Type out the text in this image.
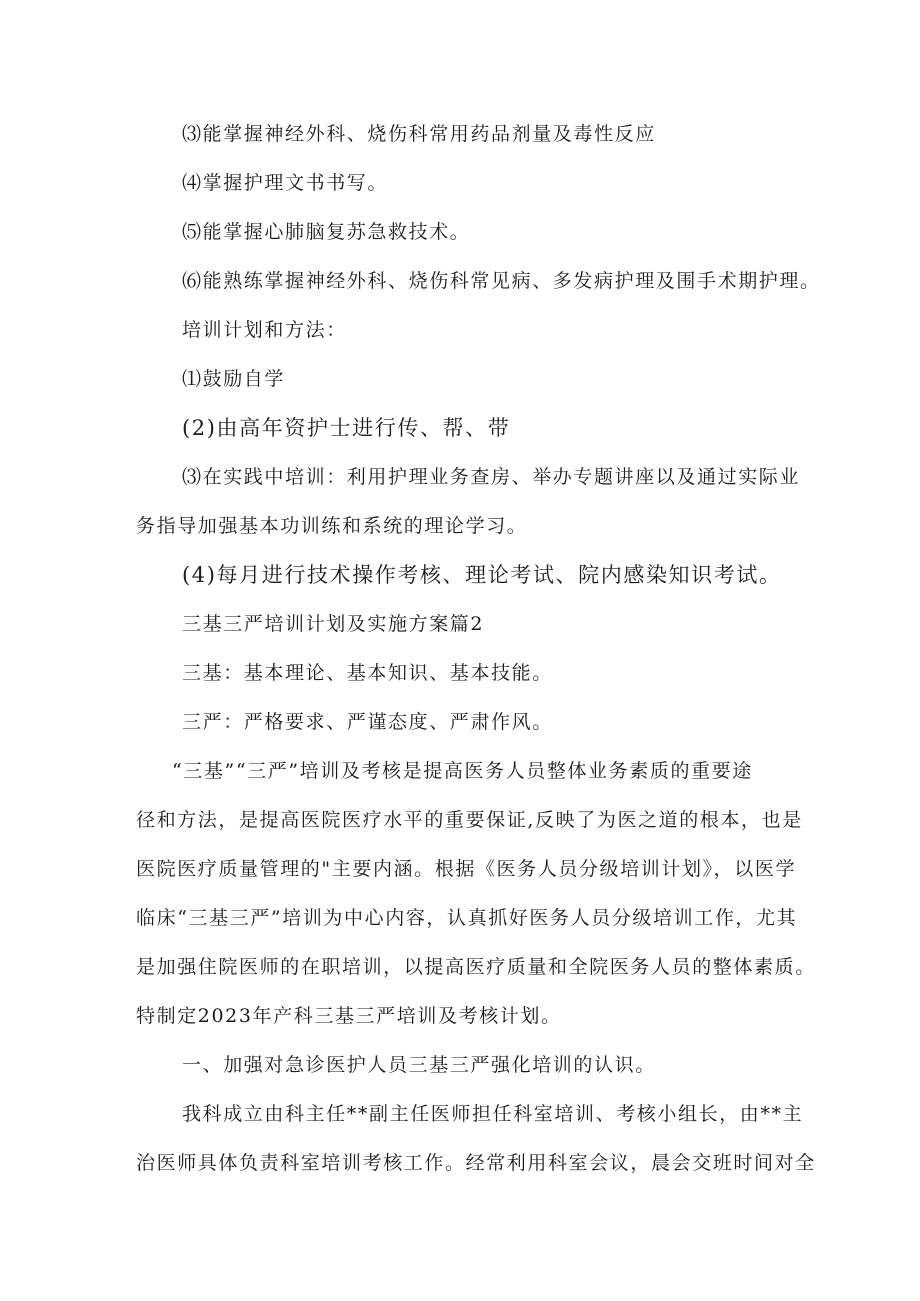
⑶能掌握神经外科、烧伤科常用药品剂量及毒性反应
⑷掌握护理文书书写。
⑸能掌握心肺脑复苏急救技术。
⑹能熟练掌握神经外科、烧伤科常见病、多发病护理及围手术期护理。
培训计划和方法：
⑴鼓励自学
(2)由高年资护士进行传、帮、带
⑶在实践中培训：利用护理业务查房、举办专题讲座以及通过实际业
务指导加强基本功训练和系统的理论学习。
(4)每月进行技术操作考核、理论考试、院内感染知识考试。
三基三严培训计划及实施方案篇2
三基：基本理论、基本知识、基本技能。
三严：严格要求、严谨态度、严肃作风。
“三基”“三严”培训及考核是提高医务人员整体业务素质的重要途
径和方法，是提高医院医疗水平的重要保证,反映了为医之道的根本，也是
医院医疗质量管理的"主要内涵。根据《医务人员分级培训计划》，以医学
临床“三基三严”培训为中心内容，认真抓好医务人员分级培训工作，尤其
是加强住院医师的在职培训，以提高医疗质量和全院医务人员的整体素质。
特制定2023年产科三基三严培训及考核计划。
一、加强对急诊医护人员三基三严强化培训的认识。
我科成立由科主任**副主任医师担任科室培训、考核小组长，由**主
治医师具体负责科室培训考核工作。经常利用科室会议，晨会交班时间对全
